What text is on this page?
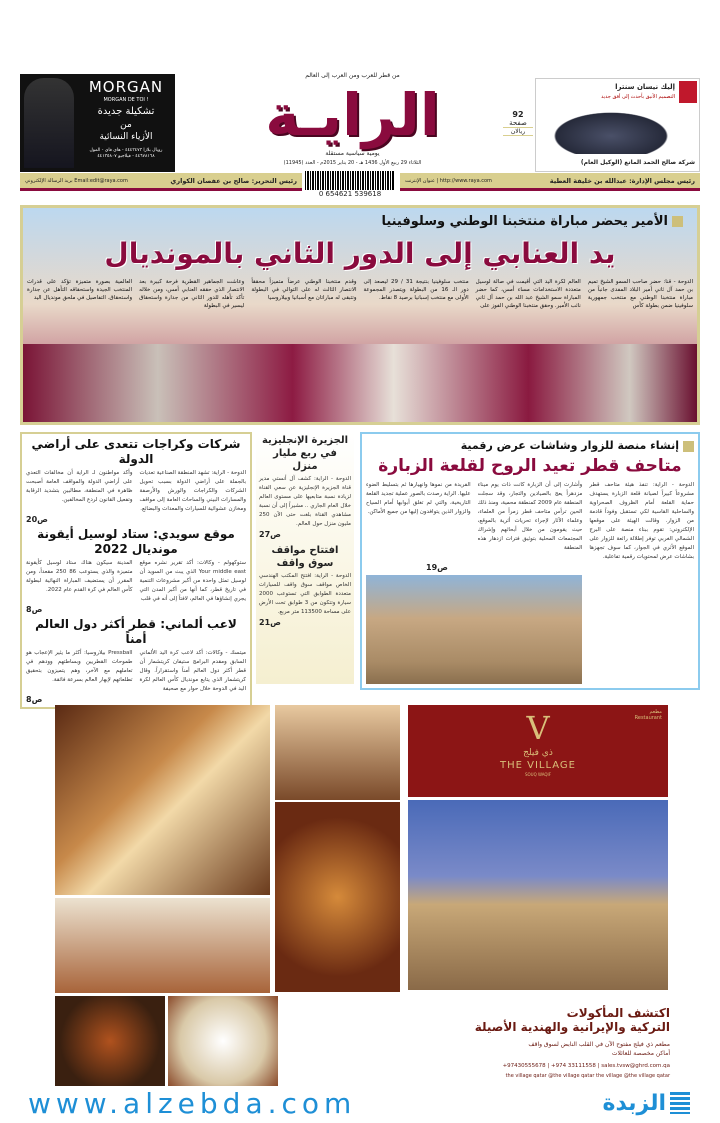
MORGAN
MORGAN DE TOI !
تشكيلة جديدة
من
الأزياء النسائية
رويال بلازا ٤٤٤٣٤٧٣ - هاي فاي - المول ٤٤٦٧٨١٦٨ - فيلاجيو ٤٤١٣٥٨٠٧
من قطر للعرب ومن العرب إلى العالم
الرايـة
يومية سياسية مستقلة
الثلاثاء 29 ربيع الأول 1436 هـ - 20 يناير 2015م - العدد (11945)
92
صفحة
ريالان
إليك نيسان سنترا
التصميم الأنيق بأحدث إلى أفق جديد
شركة صالح الحمد المانع (الوكيل العام)
رئيس التحرير: صالح بن عفصان الكواري
Email:edit@raya.com بريد الرسالة الإلكتروني
0 654621 539618
رئيس مجلس الإدارة: عبدالله بن خليفة العطية
http://www.raya.com | عنوان الإنترنت
الأمير يحضر مباراة منتخبنا الوطني وسلوفينيا
يد العنابي إلى الدور الثاني بالمونديال
الدوحة - قنا: حضر صاحب السمو الشيخ تميم بن حمد آل ثاني أمير البلاد المفدى جانباً من مباراة منتخبنا الوطني مع منتخب جمهورية سلوفينيا ضمن بطولة كأس
العالم لكرة اليد التي أقيمت في صالة لوسيل متعددة الاستخدامات مساء أمس، كما حضر المباراة سمو الشيخ عبد الله بن حمد آل ثاني نائب الأمير. وحقق منتخبنا الوطني الفوز على
منتخب سلوفينيا بنتيجة 31 / 29 ليصعد إلى دور الـ 16 من البطولة ويتصدر المجموعة الأولى مع منتخب إسبانيا برصيد 8 نقاط.
وقدم منتخبنا الوطني عرضاً متميزاً محققاً الانتصار الثالث له على التوالي في البطولة وتتبقى له مباراتان مع أسبانيا وبيلاروسيا
وعاشت الجماهير القطرية فرحة كبيرة بعد الانتصار الذي حققه العنابي أمس، ومن خلاله تأكد تأهله للدور الثاني من جدارة واستحقاق ليسير في البطولة
العالمية بصورة متميزة تؤكد على قدرات المنتخب الجيدة واستحقاقه التأهل عن جدارة واستحقاق. التفاصيل في ملحق مونديال اليد
شركات وكراجات تتعدى على أراضي الدولة
الدوحة - الراية: تشهد المنطقة الصناعية تعديات بالجملة على أراضي الدولة بسبب تحويل الشركات والكراجات والورش والأرصفة والمسارات البيني والساحات العامة إلى مواقف ومخازن عشوائية للسيارات والمعدات والبضائع.
وأكد مواطنون لـ الراية أن مخالفات التعدي على أراضي الدولة والمواقف العامة أصبحت ظاهرة في المنطقة، مطالبين بتشديد الرقابة وتفعيل القانون لردع المخالفين.
ص20
موقع سويدي: ستاد لوسيل أيقونة مونديال 2022
ستوكهولم - وكالات: أكد تقرير نشره موقع Your middle east الذي يبث من السويد أن لوسيل تمثل واحدة من أكبر مشروعات التنمية في تاريخ قطر، كما أنها من أكبر المدن التي يجري إنشاؤها في العالم، لافتاً إلى أنه في قلب
المدينة سيكون هناك ستاد لوسيل كأيقونة متميزة والذي يستوعب 86 250 مقعداً، ومن المقرر أن يستضيف المباراة النهائية لبطولة كأس العالم في كرة القدم عام 2022.
ص8
لاعب ألماني: قطر أكثر دول العالم أمناً
ميتسك - وكالات: أكد لاعب كرة اليد الألماني السابق ومقدم البرامج ستيفان كريتشمار أن قطر أكثر دول العالم أمناً واستقراراً. وقال كريتشمار الذي يتابع مونديال كأس العالم لكرة اليد في الدوحة خلال حوار مع صحيفة
Pressball بيلاروسيا: أكثر ما يثير الإعجاب هو طموحات القطريين وبساطتهم وودهم في تعاملهم مع الآخر، وهم يتميزون بتحقيق تطلعاتهم لإبهار العالم بسرعة فائقة.
ص8
الجزيرة الإنجليزية في ربع مليار منزل
الدوحة - الراية: كشف آل أنستي مدير قناة الجزيرة الإنجليزية عن سعي القناة لزيادة نسبة متابعيها على مستوى العالم خلال العام الجاري .. مشيراً إلى أن نسبة مشاهدي القناة بلغت حتى الآن 250 مليون منزل حول العالم.
ص27
افتتاح مواقف سوق واقف
الدوحة - الراية: افتتح المكتب الهندسي الخاص مواقف سوق واقف للسيارات متعددة الطوابق التي تستوعب 2000 سيارة وتتكون من 3 طوابق تحت الأرض على مساحة 113500 متر مربع.
ص21
إنشاء منصة للزوار وشاشات عرض رقمية
متاحف قطر تعيد الروح لقلعة الزبارة
الدوحة - الراية: تنفذ هيئة متاحف قطر مشروعاً كبيراً لصيانة قلعة الزبارة يستهدف حماية القلعة أمام الظروف الصحراوية والساحلية القاسية لكي تستقبل وفوداً قادمة من الزوار. وقالت الهيئة على موقعها الإلكتروني: تقوم ببناء منصة على البرج الشمالي الغربي توفر إطلالة رائعة للزوار على الموقع الأثري في الجوار، كما سوف تجهزها بشاشات عرض لمحتويات رقمية تفاعلية.
وأشارت إلى أن الزبارة كانت ذات يوم ميناء مزدهراً يعج بالصيادين والتجار، وقد سجلت المنطقة عام 2009 كمنطقة محمية، ومنذ ذلك الحين ترأس متاحف قطر زمراً من العلماء، وعلماء الآثار لإجراء تحريات أثرية بالموقع، حيث يقومون من خلال أبحاثهم وإشراك المجتمعات المحلية بتوثيق فترات ازدهار هذه المنطقة
الفريدة من نموها وانهيارها ثم بتسليط الضوء عليها. الراية رصدت بالصور عملية تجديد القلعة التاريخية، والتي لم تغلق أبوابها أمام السياح والزوار الذين يتوافدون إليها من جميع الأماكن.
ص19
مطعم
Restaurant
V
ذي فيلج
THE VILLAGE
SOUQ WAQIF
اكتشف المأكولات
التركية والإيرانية والهندية الأصيلة
مطعم ذي فيلج مفتوح الآن في القلب النابض لسوق واقف
أماكن مخصصة للعائلات
+97430555678 | +974 33111558 | sales.tvsw@ghrd.com.qa
the village qatar @the village qatar the village @the village qatar
www.alzebda.com	الزبدة
